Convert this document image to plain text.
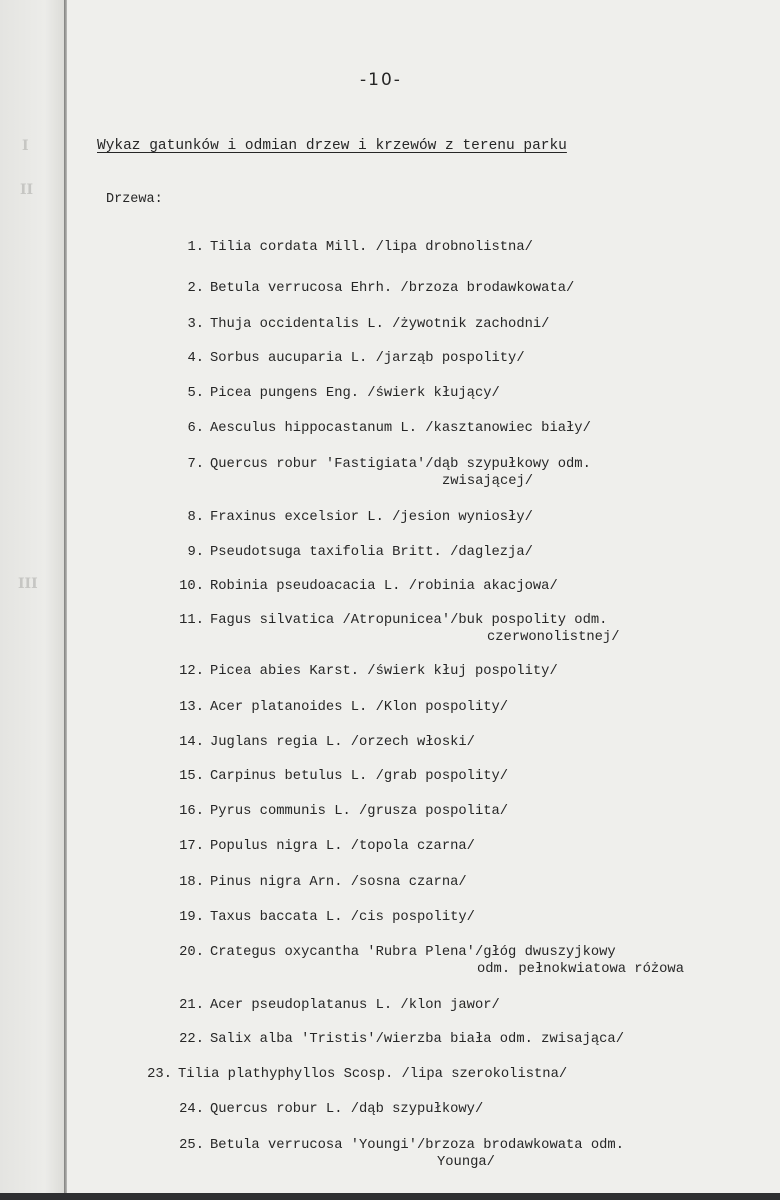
I
II
III
-10-
Wykaz gatunków i odmian drzew i krzewów z terenu parku
Drzewa:
1. Tilia cordata Mill. /lipa drobnolistna/
2. Betula verrucosa Ehrh. /brzoza brodawkowata/
3. Thuja occidentalis L. /żywotnik zachodni/
4. Sorbus aucuparia L. /jarząb pospolity/
5. Picea pungens Eng. /świerk kłujący/
6. Aesculus hippocastanum L. /kasztanowiec biały/
7. Quercus robur 'Fastigiata'/dąb szypułkowy odm.
zwisającej/
8. Fraxinus excelsior L. /jesion wyniosły/
9. Pseudotsuga taxifolia Britt. /daglezja/
10. Robinia pseudoacacia L. /robinia akacjowa/
11. Fagus silvatica /Atropunicea'/buk pospolity odm.
czerwonolistnej/
12. Picea abies Karst. /świerk kłuj pospolity/
13. Acer platanoides L. /Klon pospolity/
14. Juglans regia L. /orzech włoski/
15. Carpinus betulus L. /grab pospolity/
16. Pyrus communis L. /grusza pospolita/
17. Populus nigra L. /topola czarna/
18. Pinus nigra Arn. /sosna czarna/
19. Taxus baccata L. /cis pospolity/
20. Crategus oxycantha 'Rubra Plena'/głóg dwuszyjkowy
odm. pełnokwiatowa różowa
21. Acer pseudoplatanus L. /klon jawor/
22. Salix alba 'Tristis'/wierzba biała odm. zwisająca/
23. Tilia plathyphyllos Scosp. /lipa szerokolistna/
24. Quercus robur L. /dąb szypułkowy/
25. Betula verrucosa 'Youngi'/brzoza brodawkowata odm.
Younga/
